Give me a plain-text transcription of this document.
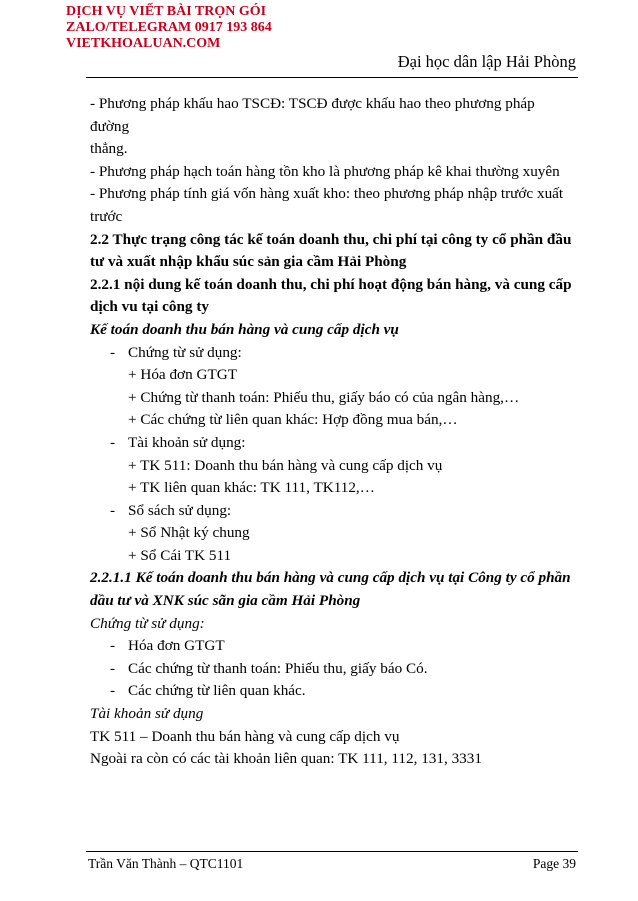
DỊCH VỤ VIẾT BÀI TRỌN GÓI
ZALO/TELEGRAM 0917 193 864
VIETKHOALUAN.COM
Đại học dân lập Hải Phòng

- Phương pháp khấu hao TSCĐ: TSCĐ được khấu hao theo phương pháp đường

thẳng.

- Phương pháp hạch toán hàng tồn kho là phương pháp kê khai thường xuyên

- Phương pháp tính giá vốn hàng xuất kho: theo phương pháp nhập trước xuất

trước

2.2 Thực trạng công tác kế toán doanh thu, chi phí tại công ty cổ phần đầu

tư và xuất nhập khẩu súc sản gia cầm Hải Phòng

2.2.1 nội dung kế toán doanh thu, chi phí hoạt động bán hàng, và cung cấp

dịch vu tại công ty

Kế toán doanh thu bán hàng và cung cấp dịch vụ

- Chứng từ sử dụng:

+ Hóa đơn GTGT

+ Chứng từ thanh toán: Phiếu thu, giấy báo có của ngân hàng,…

+ Các chứng từ liên quan khác: Hợp đồng mua bán,…

- Tài khoản sử dụng:

+ TK 511: Doanh thu bán hàng và cung cấp dịch vụ

+ TK liên quan khác: TK 111, TK112,…

- Sổ sách sử dụng:

+ Sổ Nhật ký chung

+ Sổ Cái TK 511

2.2.1.1 Kế toán doanh thu bán hàng và cung cấp dịch vụ tại Công ty cổ phần

dầu tư và XNK súc sãn gia cầm Hải Phòng

Chứng từ sử dụng:

- Hóa đơn GTGT
- Các chứng từ thanh toán: Phiếu thu, giấy báo Có.
- Các chứng từ liên quan khác.

Tài khoản sử dụng

TK 511 – Doanh thu bán hàng và cung cấp dịch vụ

Ngoài ra còn có các tài khoản liên quan: TK 111, 112, 131, 3331

Trần Văn Thành – QTC1101	Page 39
